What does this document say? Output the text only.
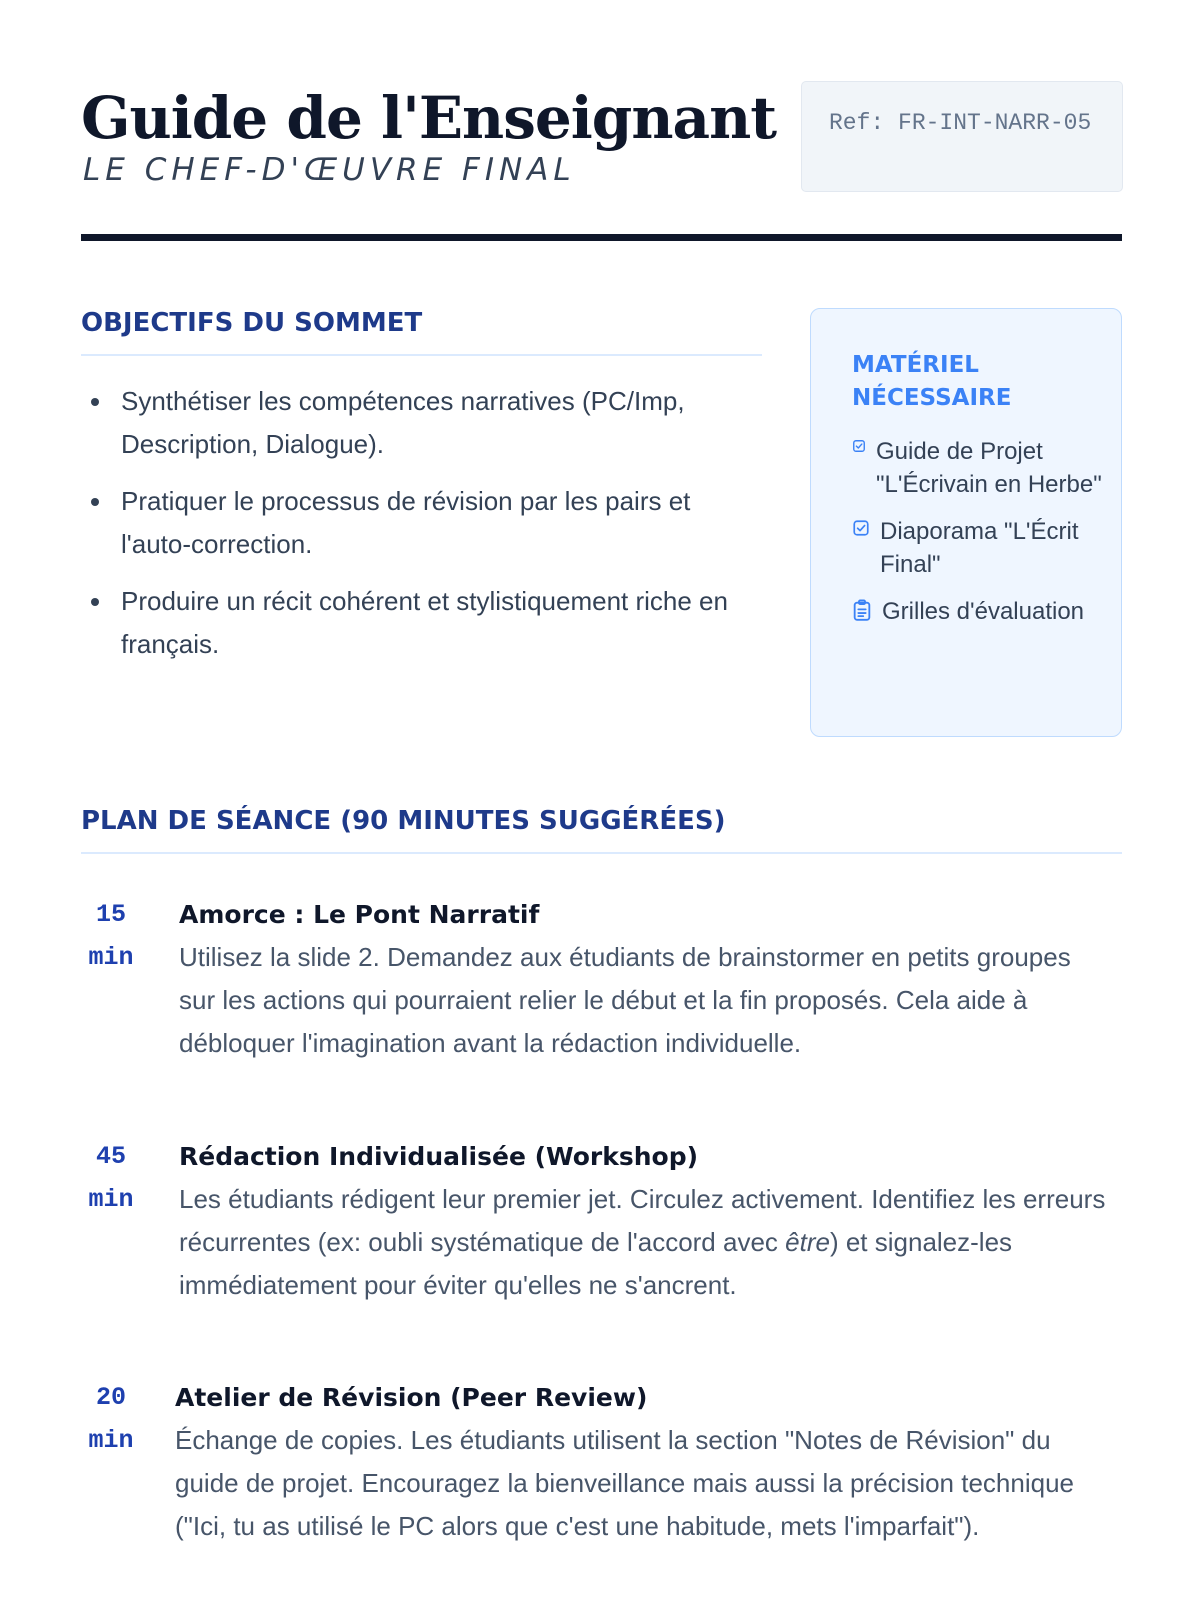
Guide de l'Enseignant
LE CHEF-D'ŒUVRE FINAL
Ref: FR-INT-NARR-05
OBJECTIFS DU SOMMET
Synthétiser les compétences narratives (PC/Imp, Description, Dialogue).
Pratiquer le processus de révision par les pairs et l'auto-correction.
Produire un récit cohérent et stylistiquement riche en français.
MATÉRIEL NÉCESSAIRE
Guide de Projet "L'Écrivain en Herbe"
Diaporama "L'Écrit Final"
Grilles d'évaluation
PLAN DE SÉANCE (90 MINUTES SUGGÉRÉES)
15
min

Amorce : Le Pont Narratif

Utilisez la slide 2. Demandez aux étudiants de brainstormer en petits groupes sur les actions qui pourraient relier le début et la fin proposés. Cela aide à débloquer l'imagination avant la rédaction individuelle.

45
min

Rédaction Individualisée (Workshop)

Les étudiants rédigent leur premier jet. Circulez activement. Identifiez les erreurs récurrentes (ex: oubli systématique de l'accord avec être) et signalez-les immédiatement pour éviter qu'elles ne s'ancrent.

20
min

Atelier de Révision (Peer Review)

Échange de copies. Les étudiants utilisent la section "Notes de Révision" du guide de projet. Encouragez la bienveillance mais aussi la précision technique ("Ici, tu as utilisé le PC alors que c'est une habitude, mets l'imparfait").
